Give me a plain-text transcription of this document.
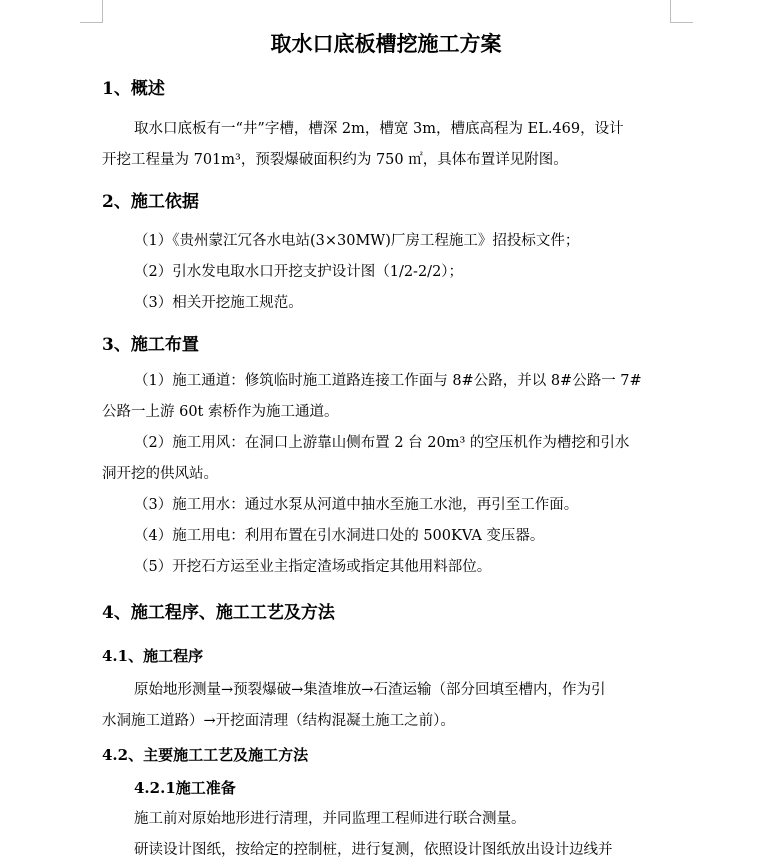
取水口底板槽挖施工方案
1、概述
取水口底板有一“井”字槽，槽深 2m，槽宽 3m，槽底高程为 EL.469，设计
开挖工程量为 701m³，预裂爆破面积约为 750 ㎡，具体布置详见附图。
2、施工依据
（1）《贵州蒙江冗各水电站(3×30MW)厂房工程施工》招投标文件；
（2）引水发电取水口开挖支护设计图（1/2-2/2）；
（3）相关开挖施工规范。
3、施工布置
（1）施工通道：修筑临时施工道路连接工作面与 8#公路，并以 8#公路一 7#
公路一上游 60t 索桥作为施工通道。
（2）施工用风：在洞口上游靠山侧布置 2 台 20m³ 的空压机作为槽挖和引水
洞开挖的供风站。
（3）施工用水：通过水泵从河道中抽水至施工水池，再引至工作面。
（4）施工用电：利用布置在引水洞进口处的 500KVA 变压器。
（5）开挖石方运至业主指定渣场或指定其他用料部位。
4、施工程序、施工工艺及方法
4.1、施工程序
原始地形测量→预裂爆破→集渣堆放→石渣运输（部分回填至槽内，作为引
水洞施工道路）→开挖面清理（结构混凝土施工之前）。
4.2、主要施工工艺及施工方法
4.2.1施工准备
施工前对原始地形进行清理，并同监理工程师进行联合测量。
研读设计图纸，按给定的控制桩，进行复测，依照设计图纸放出设计边线并
